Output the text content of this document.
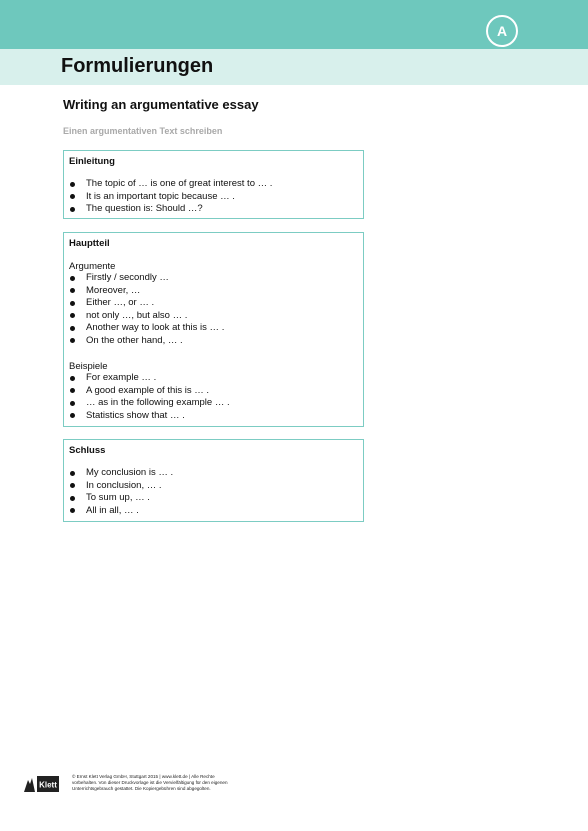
A
Formulierungen
Writing an argumentative essay
Einen argumentativen Text schreiben
Einleitung
The topic of … is one of great interest to … .
It is an important topic because … .
The question is: Should …?
Hauptteil
Argumente
Firstly / secondly …
Moreover, …
Either …, or … .
not only …, but also … .
Another way to look at this is … .
On the other hand, … .
Beispiele
For example … .
A good example of this is … .
… as in the following example … .
Statistics show that … .
Schluss
My conclusion is … .
In conclusion, … .
To sum up, … .
All in all, … .
Klett
© Ernst Klett Verlag GmbH, Stuttgart 2015 | www.klett.de | Alle Rechte
vorbehalten. Von dieser Druckvorlage ist die Vervielfältigung für den eigenen
Unterrichtsgebrauch gestattet. Die Kopiergebühren sind abgegolten.
